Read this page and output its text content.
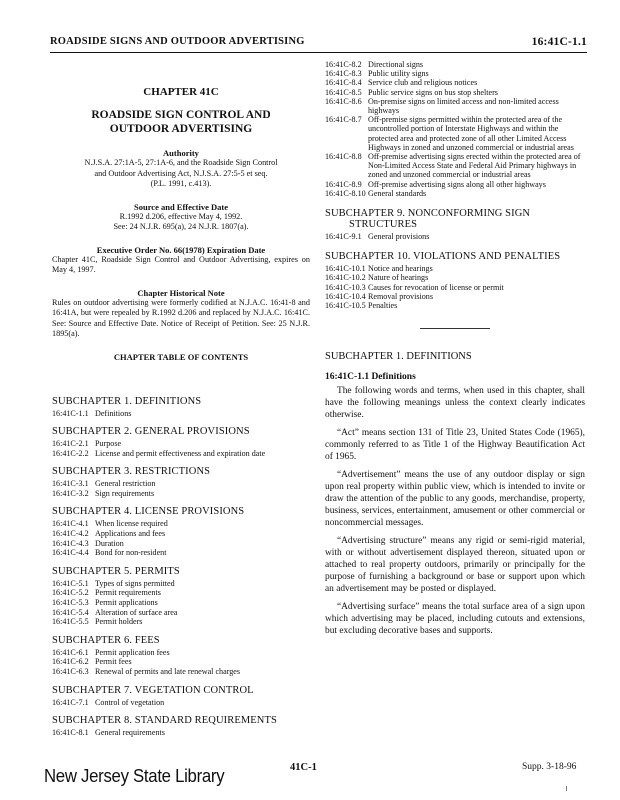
ROADSIDE SIGNS AND OUTDOOR ADVERTISING	16:41C-1.1
CHAPTER 41C
ROADSIDE SIGN CONTROL AND
OUTDOOR ADVERTISING
Authority
N.J.S.A. 27:1A-5, 27:1A-6, and the Roadside Sign Control
and Outdoor Advertising Act, N.J.S.A. 27:5-5 et seq.
(P.L. 1991, c.413).
Source and Effective Date
R.1992 d.206, effective May 4, 1992.
See: 24 N.J.R. 695(a), 24 N.J.R. 1807(a).
Executive Order No. 66(1978) Expiration Date
Chapter 41C, Roadside Sign Control and Outdoor Advertising, expires on May 4, 1997.
Chapter Historical Note
Rules on outdoor advertising were formerly codified at N.J.A.C. 16:41-8 and 16:41A, but were repealed by R.1992 d.206 and replaced by N.J.A.C. 16:41C. See: Source and Effective Date. Notice of Receipt of Petition. See: 25 N.J.R. 1895(a).
CHAPTER TABLE OF CONTENTS
SUBCHAPTER 1. DEFINITIONS
16:41C-1.1 Definitions
SUBCHAPTER 2. GENERAL PROVISIONS
16:41C-2.1 Purpose
16:41C-2.2 License and permit effectiveness and expiration date
SUBCHAPTER 3. RESTRICTIONS
16:41C-3.1 General restriction
16:41C-3.2 Sign requirements
SUBCHAPTER 4. LICENSE PROVISIONS
16:41C-4.1 When license required
16:41C-4.2 Applications and fees
16:41C-4.3 Duration
16:41C-4.4 Bond for non-resident
SUBCHAPTER 5. PERMITS
16:41C-5.1 Types of signs permitted
16:41C-5.2 Permit requirements
16:41C-5.3 Permit applications
16:41C-5.4 Alteration of surface area
16:41C-5.5 Permit holders
SUBCHAPTER 6. FEES
16:41C-6.1 Permit application fees
16:41C-6.2 Permit fees
16:41C-6.3 Renewal of permits and late renewal charges
SUBCHAPTER 7. VEGETATION CONTROL
16:41C-7.1 Control of vegetation
SUBCHAPTER 8. STANDARD REQUIREMENTS
16:41C-8.1 General requirements
16:41C-8.2 Directional signs
16:41C-8.3 Public utility signs
16:41C-8.4 Service club and religious notices
16:41C-8.5 Public service signs on bus stop shelters
16:41C-8.6 On-premise signs on limited access and non-limited access highways
16:41C-8.7 Off-premise signs permitted within the protected area of the uncontrolled portion of Interstate Highways and within the protected area and protected zone of all other Limited Access Highways in zoned and unzoned commercial or industrial areas
16:41C-8.8 Off-premise advertising signs erected within the protected area of Non-Limited Access State and Federal Aid Primary highways in zoned and unzoned commercial or industrial areas
16:41C-8.9 Off-premise advertising signs along all other highways
16:41C-8.10 General standards
SUBCHAPTER 9. NONCONFORMING SIGN
STRUCTURES
16:41C-9.1 General provisions
SUBCHAPTER 10. VIOLATIONS AND PENALTIES
16:41C-10.1 Notice and hearings
16:41C-10.2 Nature of hearings
16:41C-10.3 Causes for revocation of license or permit
16:41C-10.4 Removal provisions
16:41C-10.5 Penalties
SUBCHAPTER 1. DEFINITIONS
16:41C-1.1 Definitions
The following words and terms, when used in this chapter, shall have the following meanings unless the context clearly indicates otherwise.
“Act” means section 131 of Title 23, United States Code (1965), commonly referred to as Title 1 of the Highway Beautification Act of 1965.
“Advertisement” means the use of any outdoor display or sign upon real property within public view, which is intended to invite or draw the attention of the public to any goods, merchandise, property, business, services, entertainment, amusement or other commercial or noncommercial messages.
“Advertising structure” means any rigid or semi-rigid material, with or without advertisement displayed thereon, situated upon or attached to real property outdoors, primarily or principally for the purpose of furnishing a background or base or support upon which an advertisement may be posted or displayed.
“Advertising surface” means the total surface area of a sign upon which advertising may be placed, including cutouts and extensions, but excluding decorative bases and supports.
41C-1	Supp. 3-18-96
New Jersey State Library
